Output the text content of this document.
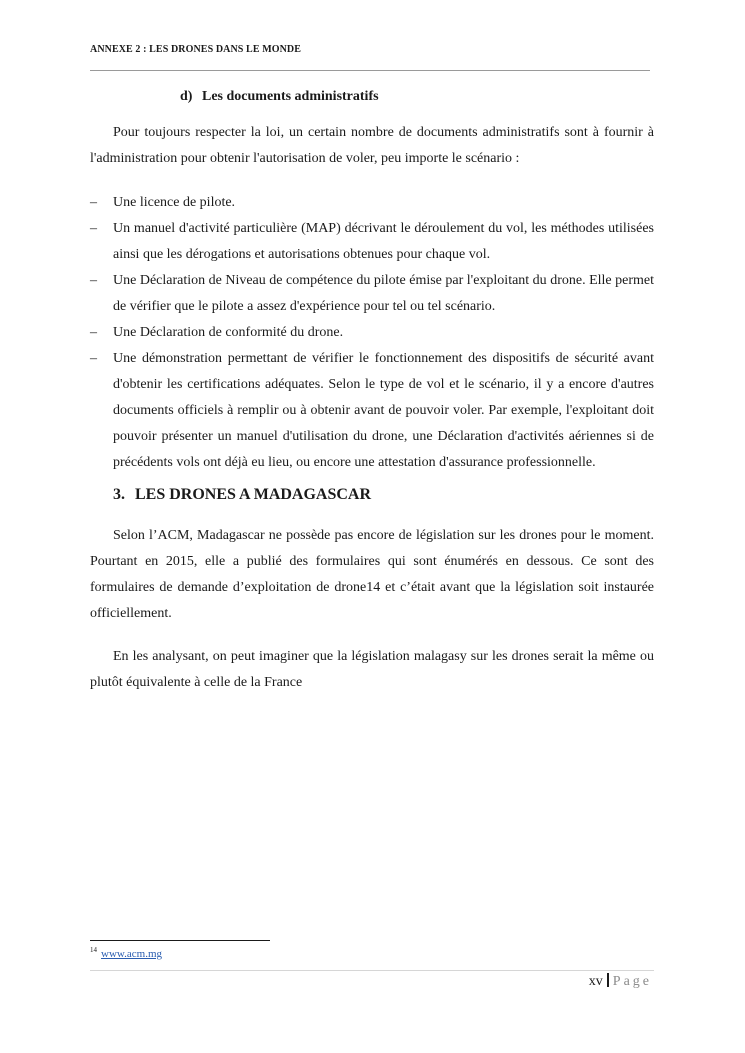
ANNEXE 2 : LES DRONES DANS LE MONDE
d) Les documents administratifs

Pour toujours respecter la loi, un certain nombre de documents administratifs sont à fournir à l'administration pour obtenir l'autorisation de voler, peu importe le scénario :

– Une licence de pilote.
– Un manuel d'activité particulière (MAP) décrivant le déroulement du vol, les méthodes utilisées ainsi que les dérogations et autorisations obtenues pour chaque vol.
– Une Déclaration de Niveau de compétence du pilote émise par l'exploitant du drone. Elle permet de vérifier que le pilote a assez d'expérience pour tel ou tel scénario.
– Une Déclaration de conformité du drone.
– Une démonstration permettant de vérifier le fonctionnement des dispositifs de sécurité avant d'obtenir les certifications adéquates. Selon le type de vol et le scénario, il y a encore d'autres documents officiels à remplir ou à obtenir avant de pouvoir voler. Par exemple, l'exploitant doit pouvoir présenter un manuel d'utilisation du drone, une Déclaration d'activités aériennes si de précédents vols ont déjà eu lieu, ou encore une attestation d'assurance professionnelle.
3. LES DRONES A MADAGASCAR

Selon l’ACM, Madagascar ne possède pas encore de législation sur les drones pour le moment. Pourtant en 2015, elle a publié des formulaires qui sont énumérés en dessous. Ce sont des formulaires de demande d’exploitation de drone14 et c’était avant que la législation soit instaurée officiellement.

En les analysant, on peut imaginer que la législation malagasy sur les drones serait la même ou plutôt équivalente à celle de la France

$^{14}$ www.acm.mg
xv Page
